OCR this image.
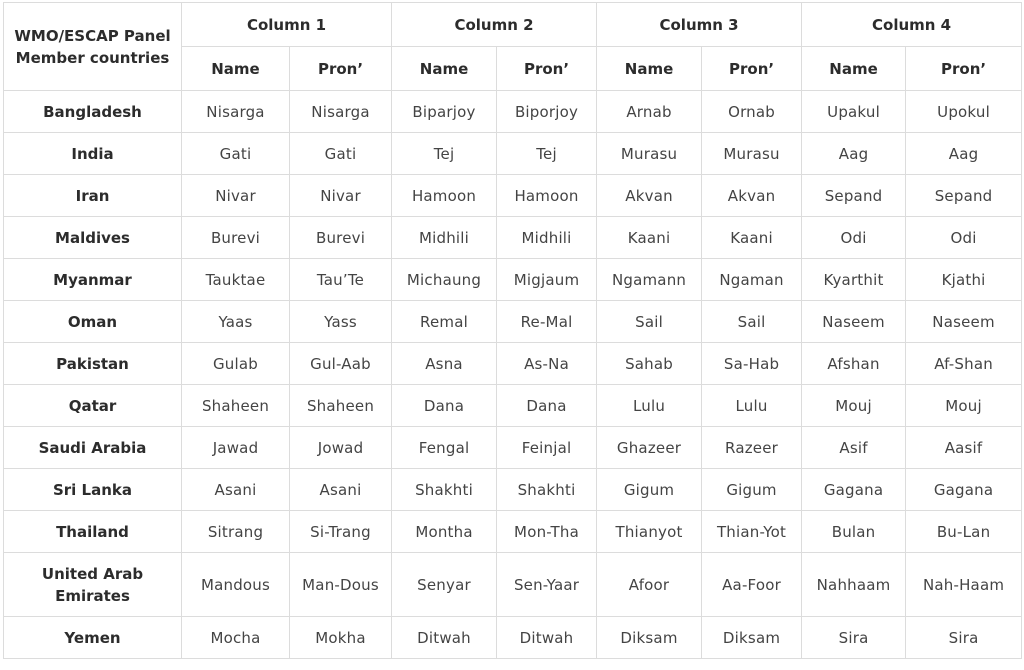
WMO/ESCAP Panel Member countries	Column 1		Column 2		Column 3		Column 4	
	Name	Pron’	Name	Pron’	Name	Pron’	Name	Pron’
Bangladesh	Nisarga	Nisarga	Biparjoy	Biporjoy	Arnab	Ornab	Upakul	Upokul
India	Gati	Gati	Tej	Tej	Murasu	Murasu	Aag	Aag
Iran	Nivar	Nivar	Hamoon	Hamoon	Akvan	Akvan	Sepand	Sepand
Maldives	Burevi	Burevi	Midhili	Midhili	Kaani	Kaani	Odi	Odi
Myanmar	Tauktae	Tau’Te	Michaung	Migjaum	Ngamann	Ngaman	Kyarthit	Kjathi
Oman	Yaas	Yass	Remal	Re-Mal	Sail	Sail	Naseem	Naseem
Pakistan	Gulab	Gul-Aab	Asna	As-Na	Sahab	Sa-Hab	Afshan	Af-Shan
Qatar	Shaheen	Shaheen	Dana	Dana	Lulu	Lulu	Mouj	Mouj
Saudi Arabia	Jawad	Jowad	Fengal	Feinjal	Ghazeer	Razeer	Asif	Aasif
Sri Lanka	Asani	Asani	Shakhti	Shakhti	Gigum	Gigum	Gagana	Gagana
Thailand	Sitrang	Si-Trang	Montha	Mon-Tha	Thianyot	Thian-Yot	Bulan	Bu-Lan
United Arab Emirates	Mandous	Man-Dous	Senyar	Sen-Yaar	Afoor	Aa-Foor	Nahhaam	Nah-Haam
Yemen	Mocha	Mokha	Ditwah	Ditwah	Diksam	Diksam	Sira	Sira
